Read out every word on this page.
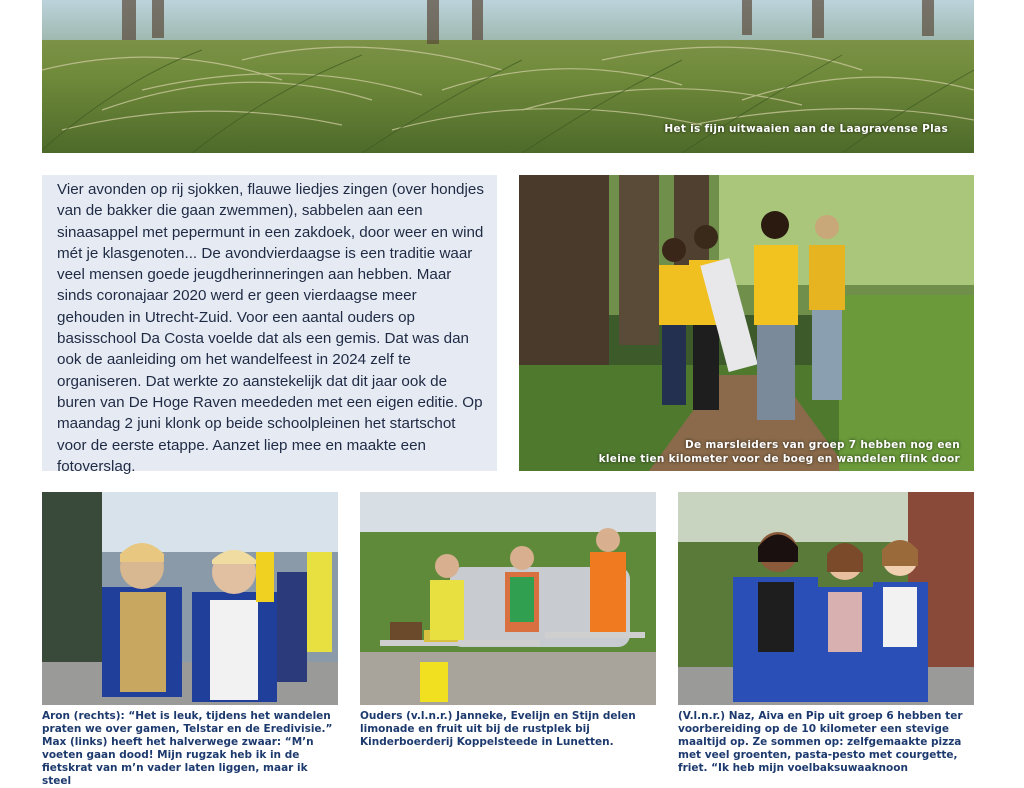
Het is fijn uitwaaien aan de Laagravense Plas

Vier avonden op rij sjokken, flauwe liedjes zingen (over hondjes van de bakker die gaan zwemmen), sabbelen aan een sinaasappel met pepermunt in een zakdoek, door weer en wind mét je klasgenoten... De avondvierdaagse is een traditie waar veel mensen goede jeugdherinneringen aan hebben. Maar sinds coronajaar 2020 werd er geen vierdaagse meer gehouden in Utrecht-Zuid. Voor een aantal ouders op basisschool Da Costa voelde dat als een gemis. Dat was dan ook de aanleiding om het wandelfeest in 2024 zelf te organiseren. Dat werkte zo aanstekelijk dat dit jaar ook de buren van De Hoge Raven meededen met een eigen editie. Op maandag 2 juni klonk op beide schoolpleinen het startschot voor de eerste etappe. Aanzet liep mee en maakte een fotoverslag.

De marsleiders van groep 7 hebben nog een
kleine tien kilometer voor de boeg en wandelen flink door
Aron (rechts): “Het is leuk, tijdens het wandelen praten we over gamen, Telstar en de Eredivisie.” Max (links) heeft het halverwege zwaar: “M’n voeten gaan dood! Mijn rugzak heb ik in de fietskrat van m’n vader laten liggen, maar ik steel
Ouders (v.l.n.r.) Janneke, Evelijn en Stijn delen limonade en fruit uit bij de rustplek bij Kinderboerderij Koppelsteede in Lunetten.
(V.l.n.r.) Naz, Aiva en Pip uit groep 6 hebben ter voorbereiding op de 10 kilometer een stevige maaltijd op. Ze sommen op: zelfgemaakte pizza met veel groenten, pasta-pesto met courgette, friet. “Ik heb mijn voelbaksuwaaknoon
